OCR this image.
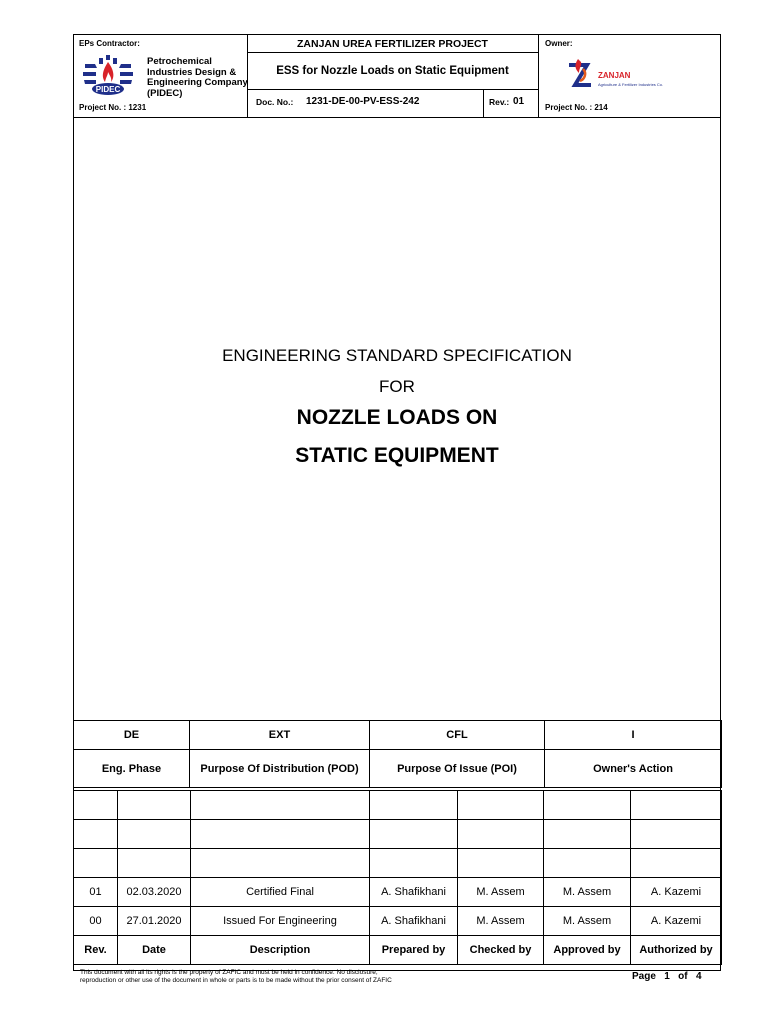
EPs Contractor:
PIDEC
Petrochemical
Industries Design &
Engineering Company
(PIDEC)
Project No. : 1231
ZANJAN UREA FERTILIZER PROJECT
ESS for Nozzle Loads on Static Equipment
Doc. No.: 1231-DE-00-PV-ESS-242	Rev.: 01
Owner:
ZANJAN
Agriculture & Fertilizer Industries Co.
Project No. : 214
ENGINEERING STANDARD SPECIFICATION
FOR
NOZZLE LOADS ON
STATIC EQUIPMENT
DE	EXT	CFL	I
Eng. Phase	Purpose Of Distribution (POD)	Purpose Of Issue (POI)	Owner's Action

01	02.03.2020	Certified Final	A. Shafikhani	M. Assem	M. Assem	A. Kazemi
00	27.01.2020	Issued For Engineering	A. Shafikhani	M. Assem	M. Assem	A. Kazemi
Rev.	Date	Description	Prepared by	Checked by	Approved by	Authorized by
This document with all its rights is the property of ZAFIC and must be held in confidence. No disclosure,
reproduction or other use of the document in whole or parts is to be made without the prior consent of ZAFIC	Page 1 of 4
